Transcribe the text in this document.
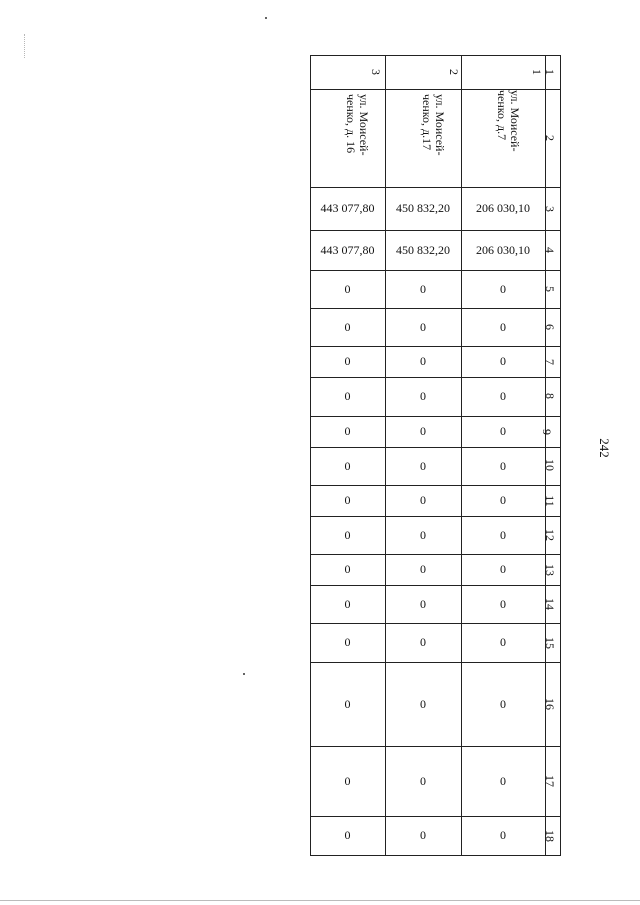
242
1
2
3
4
5
6
7
8
9
10
11
12
13
14
15
16
17
18
1
2
3
ул. Моисей-
ченко, д.7
ул. Моисей-
ченко, д.17
ул. Моисей-
ченко, д. 16
206 030,10
450 832,20
443 077,80
206 030,10
450 832,20
443 077,80
0
0
0
0
0
0
0
0
0
0
0
0
0
0
0
0
0
0
0
0
0
0
0
0
0
0
0
0
0
0
0
0
0
0
0
0
0
0
0
0
0
0
